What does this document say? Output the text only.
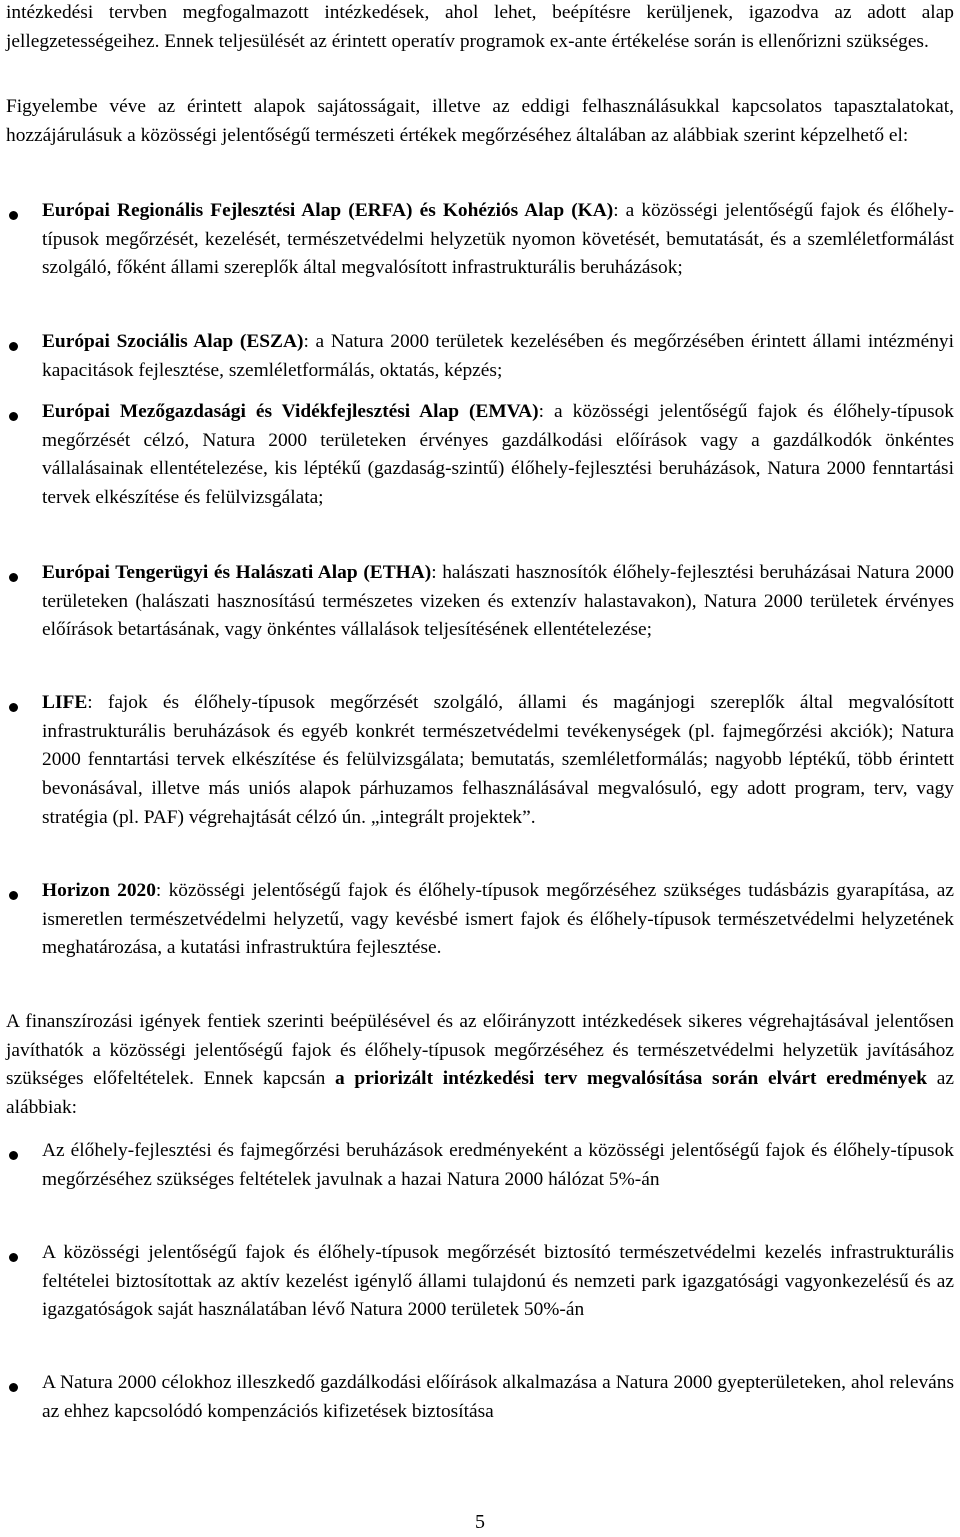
intézkedési tervben megfogalmazott intézkedések, ahol lehet, beépítésre kerüljenek, igazodva az adott alap jellegzetességeihez. Ennek teljesülését az érintett operatív programok ex-ante értékelése során is ellenőrizni szükséges.

Figyelembe véve az érintett alapok sajátosságait, illetve az eddigi felhasználásukkal kapcsolatos tapasztalatokat, hozzájárulásuk a közösségi jelentőségű természeti értékek megőrzéséhez általában az alábbiak szerint képzelhető el:

Európai Regionális Fejlesztési Alap (ERFA) és Kohéziós Alap (KA): a közösségi jelentőségű fajok és élőhely-típusok megőrzését, kezelését, természetvédelmi helyzetük nyomon követését, bemutatását, és a szemléletformálást szolgáló, főként állami szereplők által megvalósított infrastrukturális beruházások;

Európai Szociális Alap (ESZA): a Natura 2000 területek kezelésében és megőrzésében érintett állami intézményi kapacitások fejlesztése, szemléletformálás, oktatás, képzés;

Európai Mezőgazdasági és Vidékfejlesztési Alap (EMVA): a közösségi jelentőségű fajok és élőhely-típusok megőrzését célzó, Natura 2000 területeken érvényes gazdálkodási előírások vagy a gazdálkodók önkéntes vállalásainak ellentételezése, kis léptékű (gazdaság-szintű) élőhely-fejlesztési beruházások, Natura 2000 fenntartási tervek elkészítése és felülvizsgálata;

Európai Tengerügyi és Halászati Alap (ETHA): halászati hasznosítók élőhely-fejlesztési beruházásai Natura 2000 területeken (halászati hasznosítású természetes vizeken és extenzív halastavakon), Natura 2000 területek érvényes előírások betartásának, vagy önkéntes vállalások teljesítésének ellentételezése;

LIFE: fajok és élőhely-típusok megőrzését szolgáló, állami és magánjogi szereplők által megvalósított infrastrukturális beruházások és egyéb konkrét természetvédelmi tevékenységek (pl. fajmegőrzési akciók); Natura 2000 fenntartási tervek elkészítése és felülvizsgálata; bemutatás, szemléletformálás; nagyobb léptékű, több érintett bevonásával, illetve más uniós alapok párhuzamos felhasználásával megvalósuló, egy adott program, terv, vagy stratégia (pl. PAF) végrehajtását célzó ún. „integrált projektek”.

Horizon 2020: közösségi jelentőségű fajok és élőhely-típusok megőrzéséhez szükséges tudásbázis gyarapítása, az ismeretlen természetvédelmi helyzetű, vagy kevésbé ismert fajok és élőhely-típusok természetvédelmi helyzetének meghatározása, a kutatási infrastruktúra fejlesztése.

A finanszírozási igények fentiek szerinti beépülésével és az előirányzott intézkedések sikeres végrehajtásával jelentősen javíthatók a közösségi jelentőségű fajok és élőhely-típusok megőrzéséhez és természetvédelmi helyzetük javításához szükséges előfeltételek. Ennek kapcsán a priorizált intézkedési terv megvalósítása során elvárt eredmények az alábbiak:

Az élőhely-fejlesztési és fajmegőrzési beruházások eredményeként a közösségi jelentőségű fajok és élőhely-típusok megőrzéséhez szükséges feltételek javulnak a hazai Natura 2000 hálózat 5%-án

A közösségi jelentőségű fajok és élőhely-típusok megőrzését biztosító természetvédelmi kezelés infrastrukturális feltételei biztosítottak az aktív kezelést igénylő állami tulajdonú és nemzeti park igazgatósági vagyonkezelésű és az igazgatóságok saját használatában lévő Natura 2000 területek 50%-án

A Natura 2000 célokhoz illeszkedő gazdálkodási előírások alkalmazása a Natura 2000 gyepterületeken, ahol releváns az ehhez kapcsolódó kompenzációs kifizetések biztosítása

5
